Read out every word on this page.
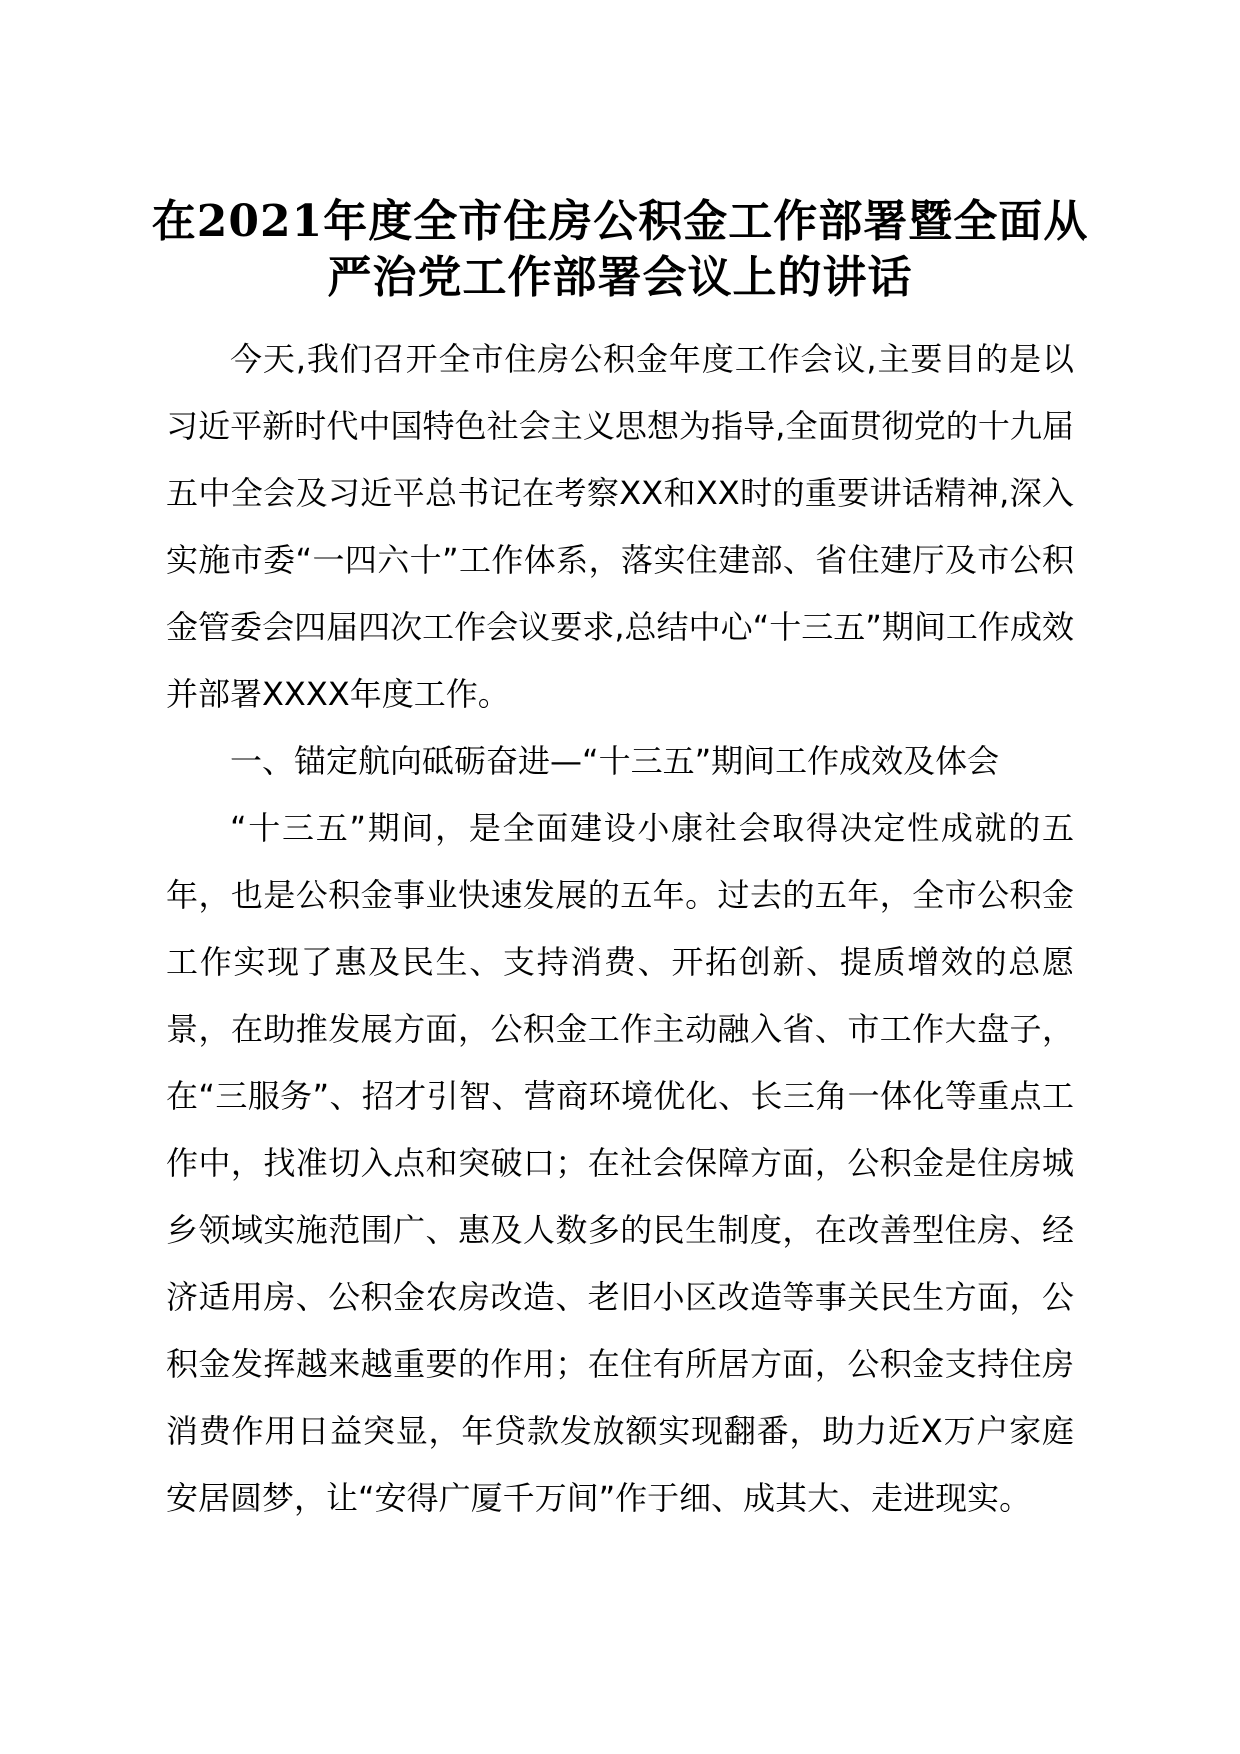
在2021年度全市住房公积金工作部署暨全面从严治党工作部署会议上的讲话

今天,我们召开全市住房公积金年度工作会议,主要目的是以习近平新时代中国特色社会主义思想为指导,全面贯彻党的十九届五中全会及习近平总书记在考察XX和XX时的重要讲话精神,深入实施市委“一四六十”工作体系，落实住建部、省住建厅及市公积金管委会四届四次工作会议要求,总结中心“十三五”期间工作成效并部署XXXX年度工作。

一、锚定航向砥砺奋进—“十三五”期间工作成效及体会

“十三五”期间，是全面建设小康社会取得决定性成就的五年，也是公积金事业快速发展的五年。过去的五年，全市公积金工作实现了惠及民生、支持消费、开拓创新、提质增效的总愿景，在助推发展方面，公积金工作主动融入省、市工作大盘子，在“三服务”、招才引智、营商环境优化、长三角一体化等重点工作中，找准切入点和突破口；在社会保障方面，公积金是住房城乡领域实施范围广、惠及人数多的民生制度，在改善型住房、经济适用房、公积金农房改造、老旧小区改造等事关民生方面，公积金发挥越来越重要的作用；在住有所居方面，公积金支持住房消费作用日益突显，年贷款发放额实现翻番，助力近X万户家庭安居圆梦，让“安得广厦千万间”作于细、成其大、走进现实。
